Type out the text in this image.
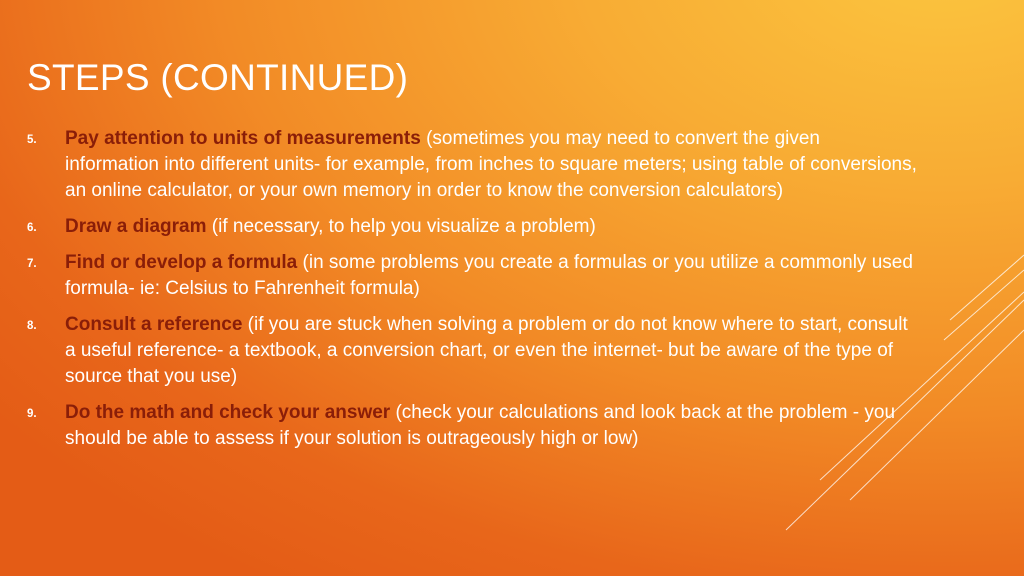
STEPS (CONTINUED)
5. Pay attention to units of measurements (sometimes you may need to convert the given information into different units- for example, from inches to square meters; using table of conversions, an online calculator, or your own memory in order to know the conversion calculators)
6. Draw a diagram (if necessary, to help you visualize a problem)
7. Find or develop a formula (in some problems you create a formulas or you utilize a commonly used formula- ie: Celsius to Fahrenheit formula)
8. Consult a reference (if you are stuck when solving a problem or do not know where to start, consult a useful reference- a textbook, a conversion chart, or even the internet- but be aware of the type of source that you use)
9. Do the math and check your answer (check your calculations and look back at the problem - you should be able to assess if your solution is outrageously high or low)
